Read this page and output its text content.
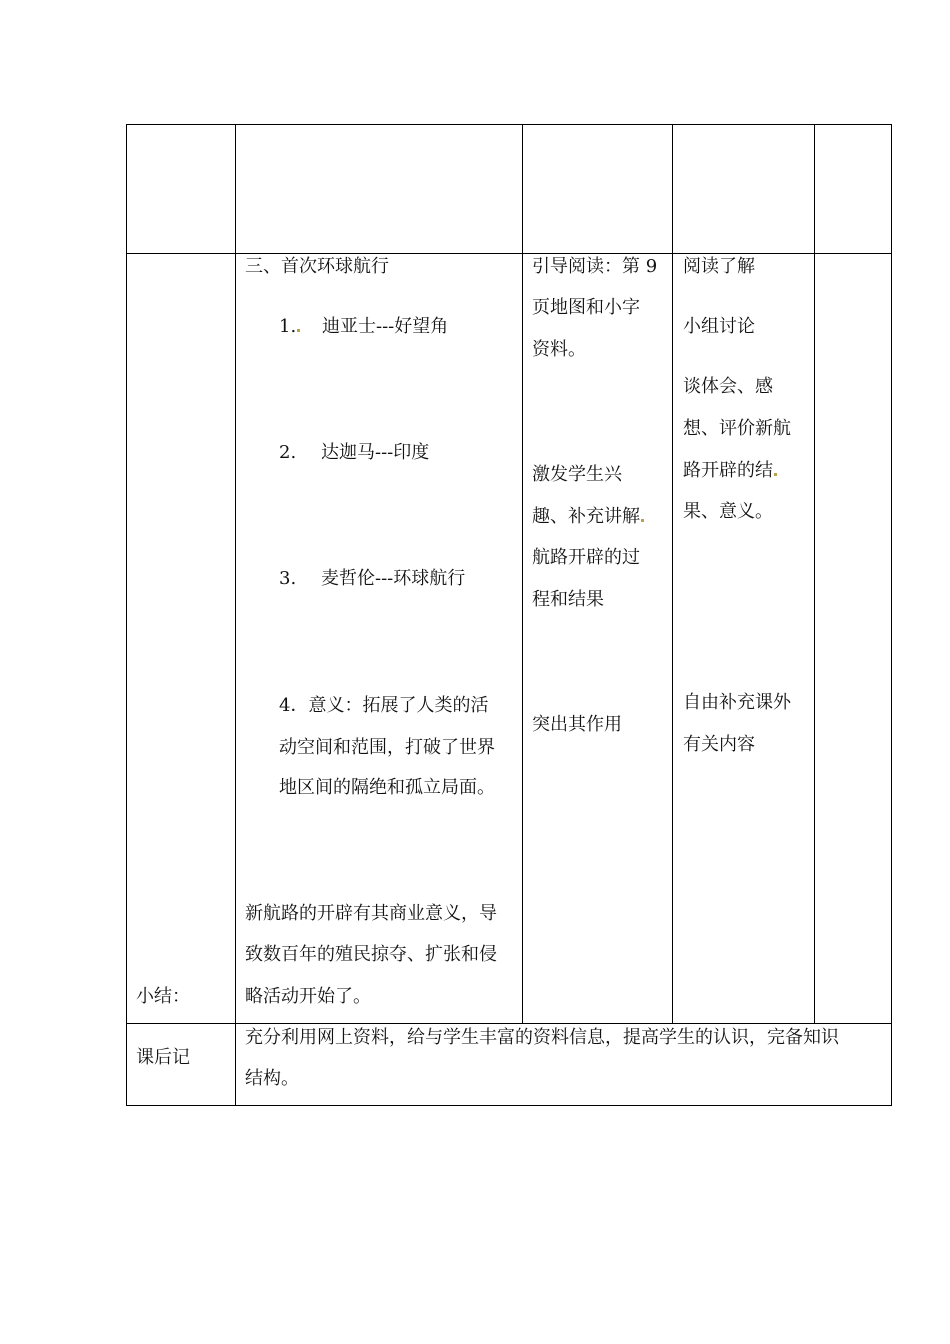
三、首次环球航行
1. 迪亚士---好望角
2. 达迦马---印度
3. 麦哲伦---环球航行
4．意义：拓展了人类的活
动空间和范围，打破了世界
地区间的隔绝和孤立局面。
新航路的开辟有其商业意义，导
致数百年的殖民掠夺、扩张和侵
略活动开始了。
小结：
引导阅读：第 9
页地图和小字
资料。
激发学生兴
趣、补充讲解
航路开辟的过
程和结果
突出其作用
阅读了解
小组讨论
谈体会、感
想、评价新航
路开辟的结
果、意义。
自由补充课外
有关内容
课后记
充分利用网上资料，给与学生丰富的资料信息，提高学生的认识，完备知识
结构。
